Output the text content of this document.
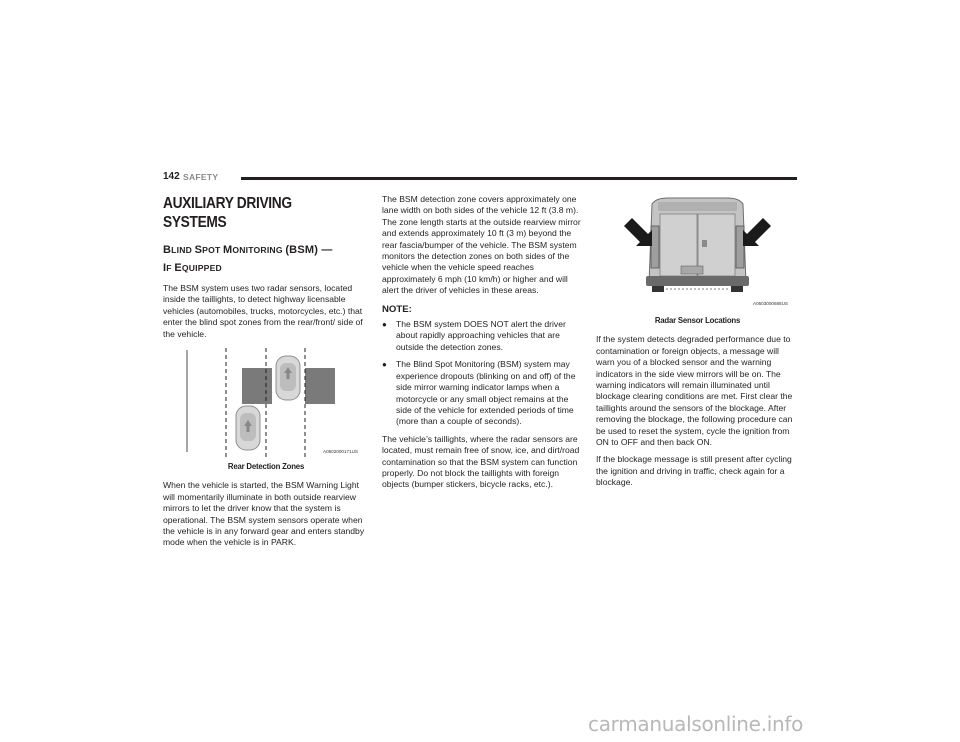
142 SAFETY
AUXILIARY DRIVING SYSTEMS
BLIND SPOT MONITORING (BSM) —
IF EQUIPPED

The BSM system uses two radar sensors, located inside the taillights, to detect highway licensable vehicles (automobiles, trucks, motorcycles, etc.) that enter the blind spot zones from the rear/front/ side of the vehicle.

A0502000171US
Rear Detection Zones

When the vehicle is started, the BSM Warning Light will momentarily illuminate in both outside rearview mirrors to let the driver know that the system is operational. The BSM system sensors operate when the vehicle is in any forward gear and enters standby mode when the vehicle is in PARK.

The BSM detection zone covers approximately one lane width on both sides of the vehicle 12 ft (3.8 m). The zone length starts at the outside rearview mirror and extends approximately 10 ft (3 m) beyond the rear fascia/bumper of the vehicle. The BSM system monitors the detection zones on both sides of the vehicle when the vehicle speed reaches approximately 6 mph (10 km/h) or higher and will alert the driver of vehicles in these areas.

NOTE:
● The BSM system DOES NOT alert the driver about rapidly approaching vehicles that are outside the detection zones.
● The Blind Spot Monitoring (BSM) system may experience dropouts (blinking on and off) of the side mirror warning indicator lamps when a motorcycle or any small object remains at the side of the vehicle for extended periods of time (more than a couple of seconds).

The vehicle’s taillights, where the radar sensors are located, must remain free of snow, ice, and dirt/road contamination so that the BSM system can function properly. Do not block the taillights with foreign objects (bumper stickers, bicycle racks, etc.).

A0503000688US
Radar Sensor Locations

If the system detects degraded performance due to contamination or foreign objects, a message will warn you of a blocked sensor and the warning indicators in the side view mirrors will be on. The warning indicators will remain illuminated until blockage clearing conditions are met. First clear the taillights around the sensors of the blockage. After removing the blockage, the following procedure can be used to reset the system, cycle the ignition from ON to OFF and then back ON.

If the blockage message is still present after cycling the ignition and driving in traffic, check again for a blockage.

carmanualsonline.info
